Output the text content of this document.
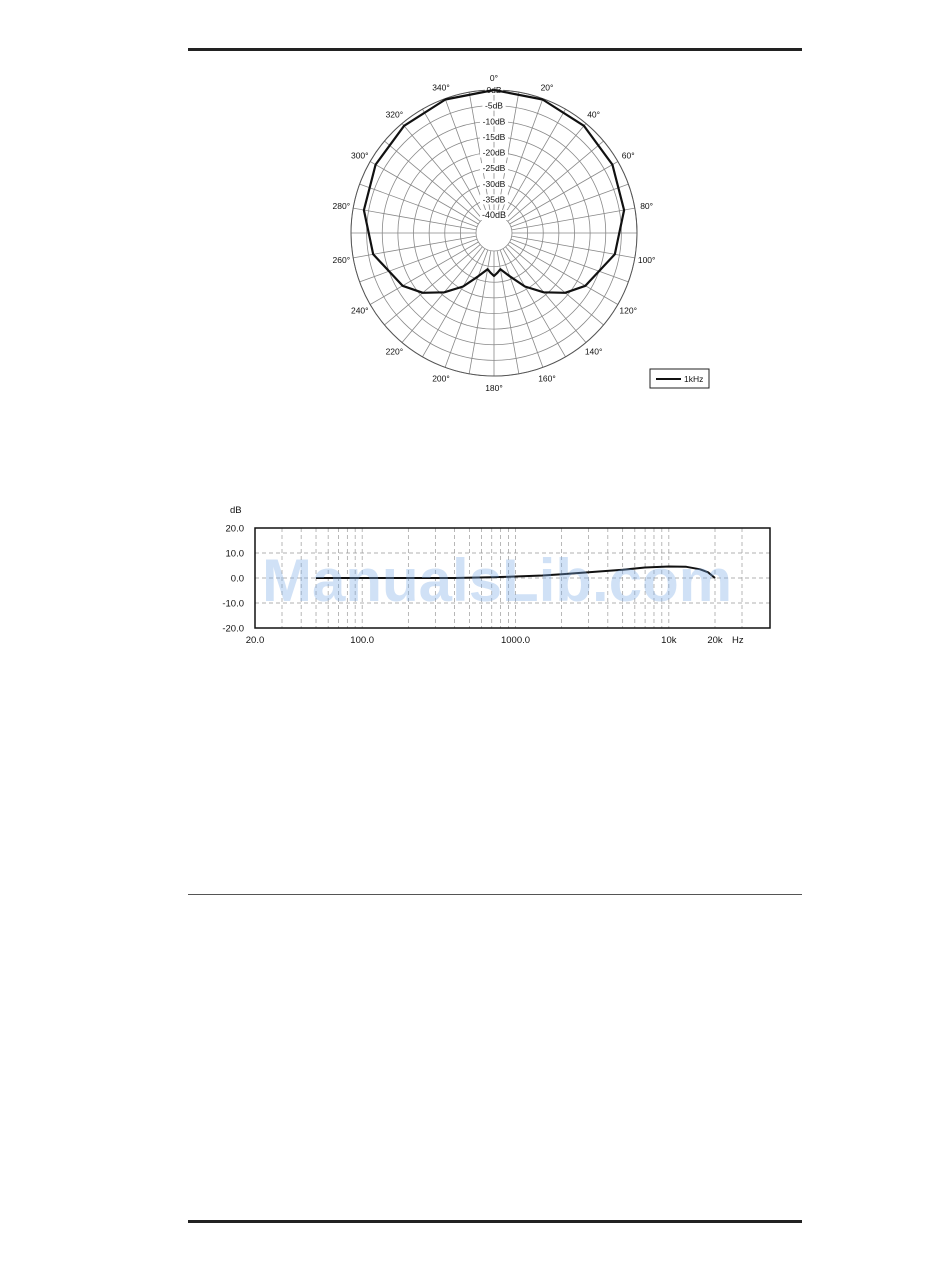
0dB
-5dB
-10dB
-15dB
-20dB
-25dB
-30dB
-35dB
-40dB
0°
20°
40°
60°
80°
100°
120°
140°
160°
180°
200°
220°
240°
260°
280°
300°
320°
340°
1kHz
20.0
10.0
0.0
-10.0
-20.0
dB
20.0	100.0	1000.0	10k	20k Hz
ManualsLib.com
